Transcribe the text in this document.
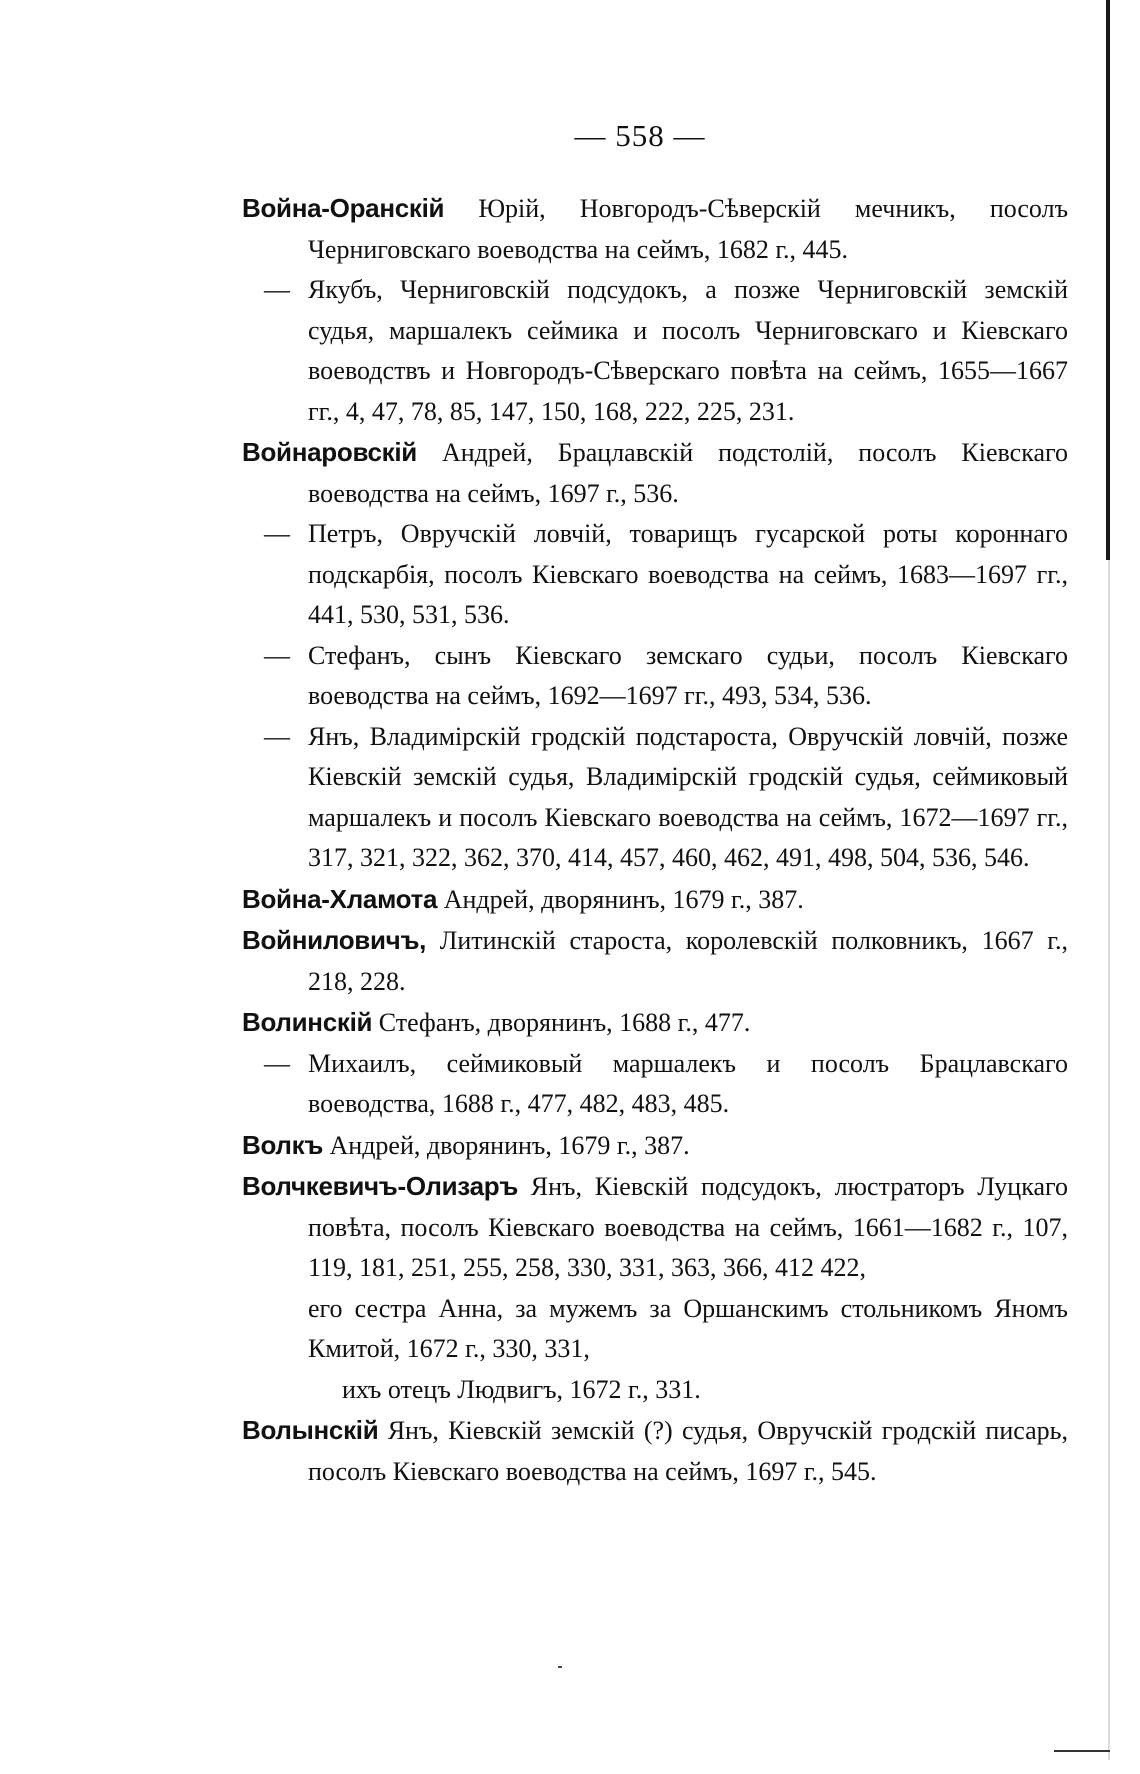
— 558 —

Война-Оранскій Юрій, Новгородъ-Сѣверскій мечникъ, посолъ Черниговскаго воеводства на сеймъ, 1682 г., 445.

— Якубъ, Черниговскій подсудокъ, а позже Черниговскій земскій судья, маршалекъ сеймика и посолъ Черниговскаго и Кіевскаго воеводствъ и Новгородъ-Сѣверскаго повѣта на сеймъ, 1655—1667 гг., 4, 47, 78, 85, 147, 150, 168, 222, 225, 231.

Войнаровскій Андрей, Брацлавскій подстолій, посолъ Кіевскаго воеводства на сеймъ, 1697 г., 536.

— Петръ, Овручскій ловчій, товарищъ гусарской роты короннаго подскарбія, посолъ Кіевскаго воеводства на сеймъ, 1683—1697 гг., 441, 530, 531, 536.

— Стефанъ, сынъ Кіевскаго земскаго судьи, посолъ Кіевскаго воеводства на сеймъ, 1692—1697 гг., 493, 534, 536.

— Янъ, Владимірскій гродскій подстароста, Овручскій ловчій, позже Кіевскій земскій судья, Владимірскій гродскій судья, сеймиковый маршалекъ и посолъ Кіевскаго воеводства на сеймъ, 1672—1697 гг., 317, 321, 322, 362, 370, 414, 457, 460, 462, 491, 498, 504, 536, 546.

Война-Хламота Андрей, дворянинъ, 1679 г., 387.

Войниловичъ, Литинскій староста, королевскій полковникъ, 1667 г., 218, 228.

Волинскій Стефанъ, дворянинъ, 1688 г., 477.

— Михаилъ, сеймиковый маршалекъ и посолъ Брацлавскаго воеводства, 1688 г., 477, 482, 483, 485.

Волкъ Андрей, дворянинъ, 1679 г., 387.

Волчкевичъ-Олизаръ Янъ, Кіевскій подсудокъ, люстраторъ Луцкаго повѣта, посолъ Кіевскаго воеводства на сеймъ, 1661—1682 г., 107, 119, 181, 251, 255, 258, 330, 331, 363, 366, 412 422,

его сестра Анна, за мужемъ за Оршанскимъ стольникомъ Яномъ Кмитой, 1672 г., 330, 331,

ихъ отецъ Людвигъ, 1672 г., 331.

Волынскій Янъ, Кіевскій земскій (?) судья, Овручскій гродскій писарь, посолъ Кіевскаго воеводства на сеймъ, 1697 г., 545.
